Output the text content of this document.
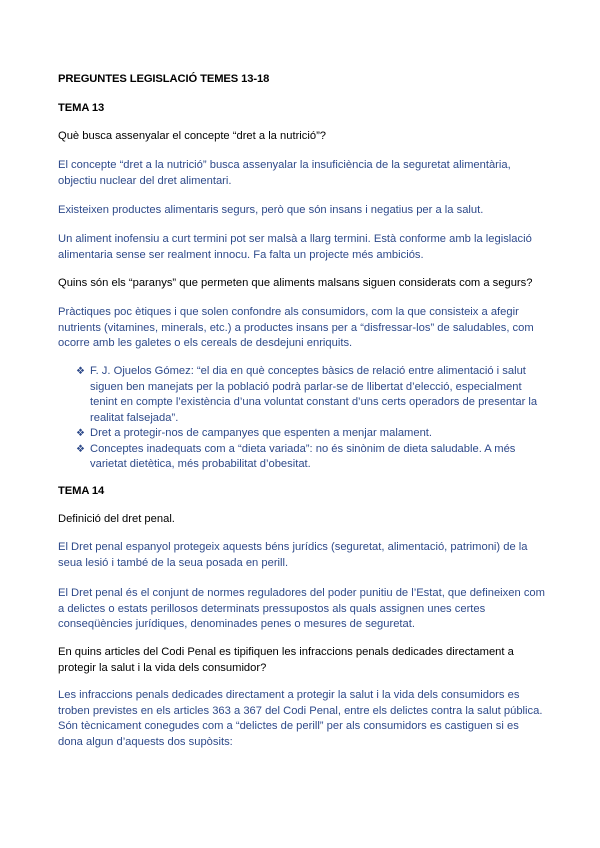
PREGUNTES LEGISLACIÓ TEMES 13-18
TEMA 13
Què busca assenyalar el concepte “dret a la nutrició”?
El concepte “dret a la nutrició” busca assenyalar la insuficiència de la seguretat alimentària, objectiu nuclear del dret alimentari.
Existeixen productes alimentaris segurs, però que són insans i negatius per a la salut.
Un aliment inofensiu a curt termini pot ser malsà a llarg termini. Està conforme amb la legislació alimentaria sense ser realment innocu. Fa falta un projecte més ambiciós.
Quins són els “paranys” que permeten que aliments malsans siguen considerats com a segurs?
Pràctiques poc ètiques i que solen confondre als consumidors, com la que consisteix a afegir nutrients (vitamines, minerals, etc.) a productes insans per a “disfressar-los” de saludables, com ocorre amb les galetes o els cereals de desdejuni enriquits.
❖ F. J. Ojuelos Gómez: “el dia en què conceptes bàsics de relació entre alimentació i salut siguen ben manejats per la població podrà parlar-se de llibertat d’elecció, especialment tenint en compte l’existència d’una voluntat constant d’uns certs operadors de presentar la realitat falsejada”.
❖ Dret a protegir-nos de campanyes que espenten a menjar malament.
❖ Conceptes inadequats com a “dieta variada”: no és sinònim de dieta saludable. A més varietat dietètica, més probabilitat d’obesitat.
TEMA 14
Definició del dret penal.
El Dret penal espanyol protegeix aquests béns jurídics (seguretat, alimentació, patrimoni) de la seua lesió i també de la seua posada en perill.
El Dret penal és el conjunt de normes reguladores del poder punitiu de l’Estat, que defineixen com a delictes o estats perillosos determinats pressupostos als quals assignen unes certes conseqüències jurídiques, denominades penes o mesures de seguretat.
En quins articles del Codi Penal es tipifiquen les infraccions penals dedicades directament a protegir la salut i la vida dels consumidor?
Les infraccions penals dedicades directament a protegir la salut i la vida dels consumidors es troben previstes en els articles 363 a 367 del Codi Penal, entre els delictes contra la salut pública. Són tècnicament conegudes com a “delictes de perill” per als consumidors es castiguen si es dona algun d’aquests dos supòsits:
